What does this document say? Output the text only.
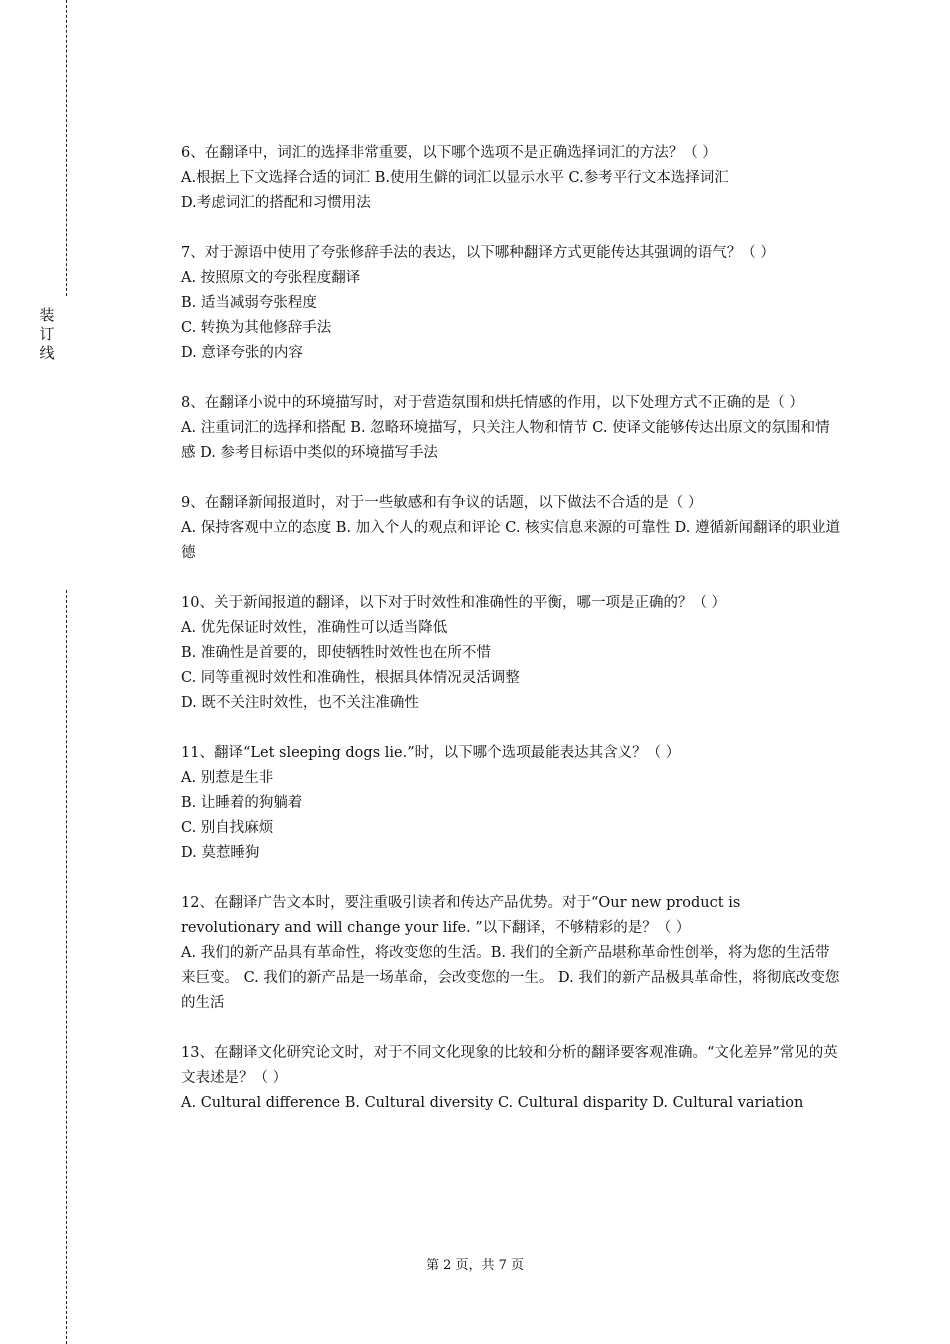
装
订
线

6、在翻译中，词汇的选择非常重要，以下哪个选项不是正确选择词汇的方法？（ ）

A.根据上下文选择合适的词汇 B.使用生僻的词汇以显示水平 C.参考平行文本选择词汇

D.考虑词汇的搭配和习惯用法

7、对于源语中使用了夸张修辞手法的表达，以下哪种翻译方式更能传达其强调的语气？（ ）

A. 按照原文的夸张程度翻译

B. 适当减弱夸张程度

C. 转换为其他修辞手法

D. 意译夸张的内容

8、在翻译小说中的环境描写时，对于营造氛围和烘托情感的作用，以下处理方式不正确的是（ ）

A. 注重词汇的选择和搭配 B. 忽略环境描写，只关注人物和情节 C. 使译文能够传达出原文的氛围和情感 D. 参考目标语中类似的环境描写手法

9、在翻译新闻报道时，对于一些敏感和有争议的话题，以下做法不合适的是（ ）

A. 保持客观中立的态度 B. 加入个人的观点和评论 C. 核实信息来源的可靠性 D. 遵循新闻翻译的职业道德

10、关于新闻报道的翻译，以下对于时效性和准确性的平衡，哪一项是正确的？（ ）

A. 优先保证时效性，准确性可以适当降低

B. 准确性是首要的，即使牺牲时效性也在所不惜

C. 同等重视时效性和准确性，根据具体情况灵活调整

D. 既不关注时效性，也不关注准确性

11、翻译“Let sleeping dogs lie.”时，以下哪个选项最能表达其含义？（ ）

A. 别惹是生非

B. 让睡着的狗躺着

C. 别自找麻烦

D. 莫惹睡狗

12、在翻译广告文本时，要注重吸引读者和传达产品优势。对于“Our new product is revolutionary and will change your life. ”以下翻译，不够精彩的是？（ ）

A. 我们的新产品具有革命性，将改变您的生活。B. 我们的全新产品堪称革命性创举，将为您的生活带来巨变。 C. 我们的新产品是一场革命，会改变您的一生。 D. 我们的新产品极具革命性，将彻底改变您的生活

13、在翻译文化研究论文时，对于不同文化现象的比较和分析的翻译要客观准确。“文化差异”常见的英文表述是？（ ）

A. Cultural difference B. Cultural diversity C. Cultural disparity D. Cultural variation

第 2 页，共 7 页
